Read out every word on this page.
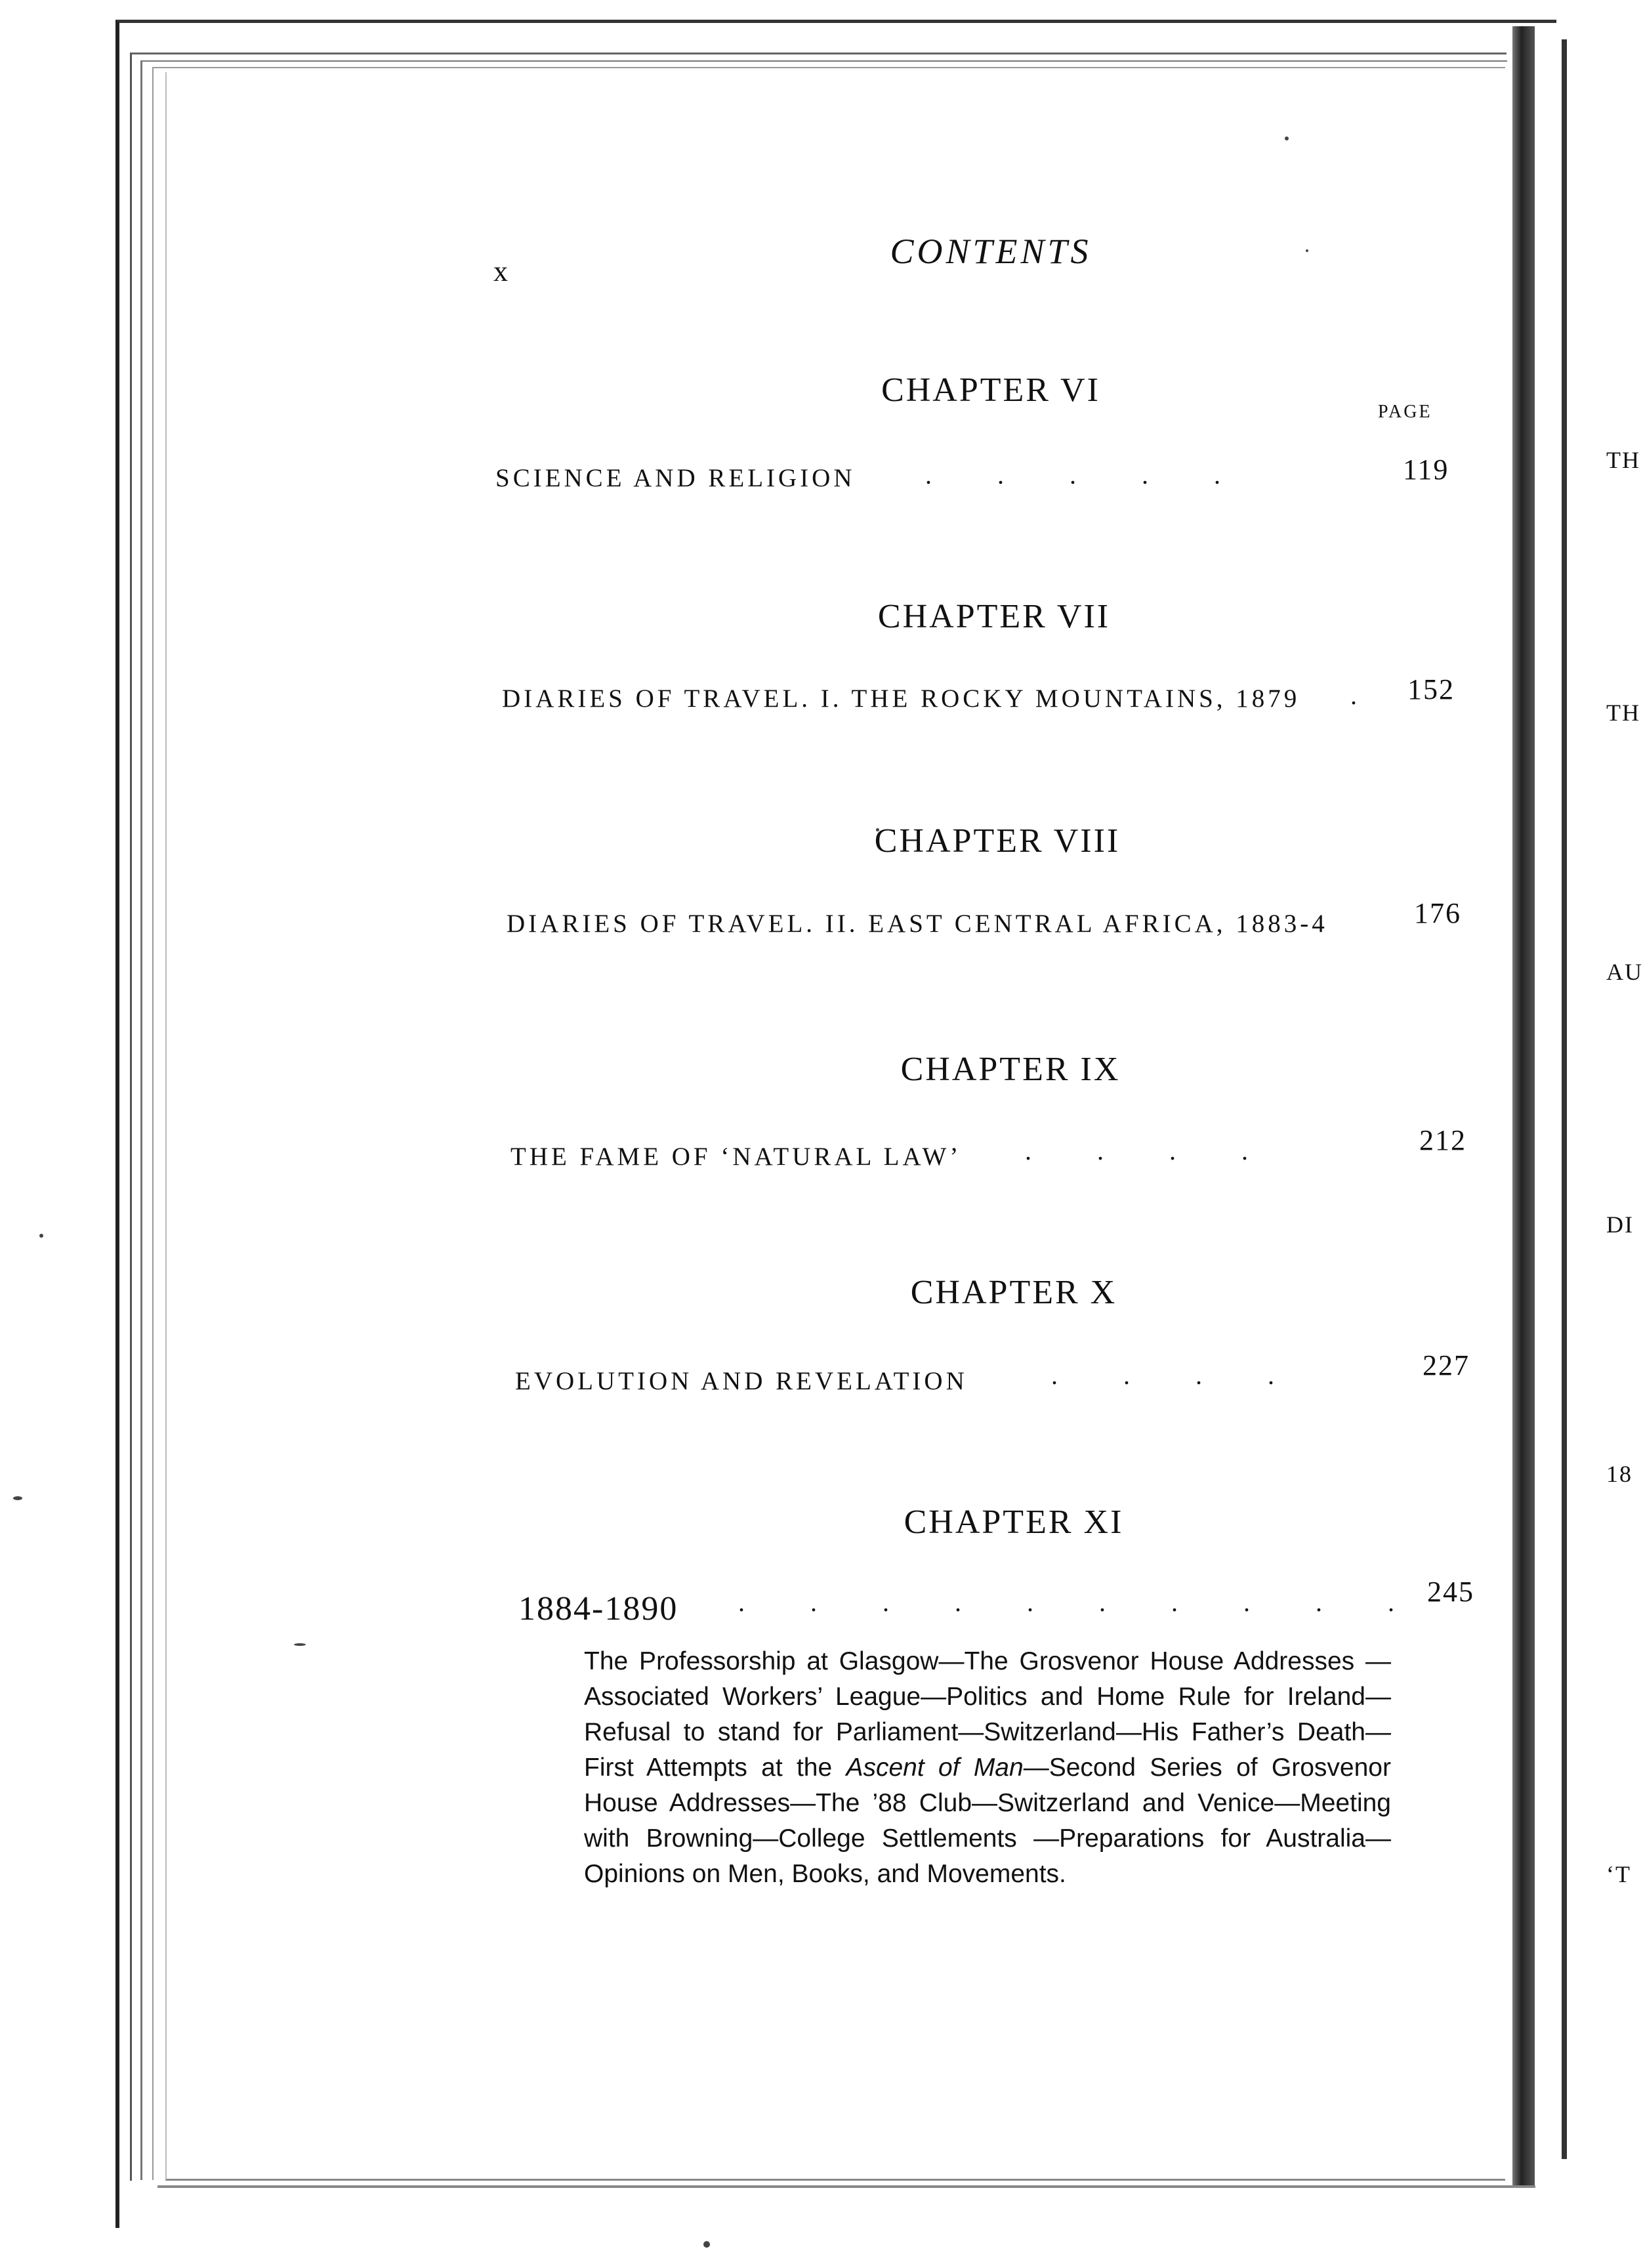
x
CONTENTS
PAGE
CHAPTER VI
SCIENCE AND RELIGION	.          .          .          .          .	119
CHAPTER VII
DIARIES OF TRAVEL. I. THE ROCKY MOUNTAINS, 1879 . 152
CHAPTER VIII
DIARIES OF TRAVEL. II. EAST CENTRAL AFRICA, 1883-4	176
CHAPTER IX
THE FAME OF ‘NATURAL LAW’ .          .          .          .	212
CHAPTER X
EVOLUTION AND REVELATION	.          .          .          .	227
CHAPTER XI
1884-1890 .          .          .          .          .          .          .          .          .          . 245
The Professorship at Glasgow—The Grosvenor House Addresses —Associated Workers’ League—Politics and Home Rule for Ireland—Refusal to stand for Parliament—Switzerland—His Father’s Death—First Attempts at the Ascent of Man—Second Series of Grosvenor House Addresses—The ’88 Club—Switzerland and Venice—Meeting with Browning—College Settlements —Preparations for Australia—Opinions on Men, Books, and Movements.
TH
TH
AU
DI
18
‘T
